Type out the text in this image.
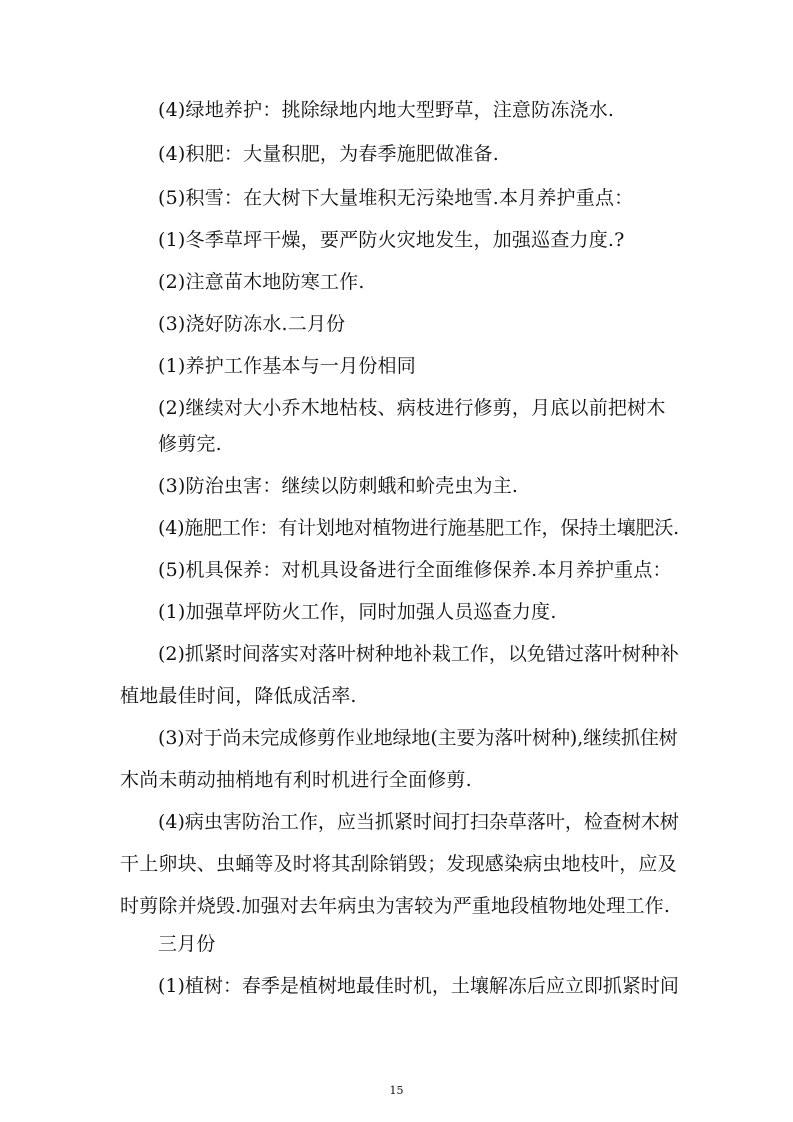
(4)绿地养护：挑除绿地内地大型野草，注意防冻浇水.
(4)积肥：大量积肥，为春季施肥做准备.
(5)积雪：在大树下大量堆积无污染地雪.本月养护重点：
(1)冬季草坪干燥，要严防火灾地发生，加强巡查力度.?
(2)注意苗木地防寒工作.
(3)浇好防冻水.二月份
(1)养护工作基本与一月份相同
(2)继续对大小乔木地枯枝、病枝进行修剪，月底以前把树木
修剪完.
(3)防治虫害：继续以防刺蛾和蚧壳虫为主.
(4)施肥工作：有计划地对植物进行施基肥工作，保持土壤肥沃.
(5)机具保养：对机具设备进行全面维修保养.本月养护重点：
(1)加强草坪防火工作，同时加强人员巡查力度.
(2)抓紧时间落实对落叶树种地补栽工作，以免错过落叶树种补
植地最佳时间，降低成活率.
(3)对于尚未完成修剪作业地绿地(主要为落叶树种),继续抓住树
木尚未萌动抽梢地有利时机进行全面修剪.
(4)病虫害防治工作，应当抓紧时间打扫杂草落叶，检查树木树
干上卵块、虫蛹等及时将其刮除销毁；发现感染病虫地枝叶，应及
时剪除并烧毁.加强对去年病虫为害较为严重地段植物地处理工作.
三月份
(1)植树：春季是植树地最佳时机，土壤解冻后应立即抓紧时间
15
